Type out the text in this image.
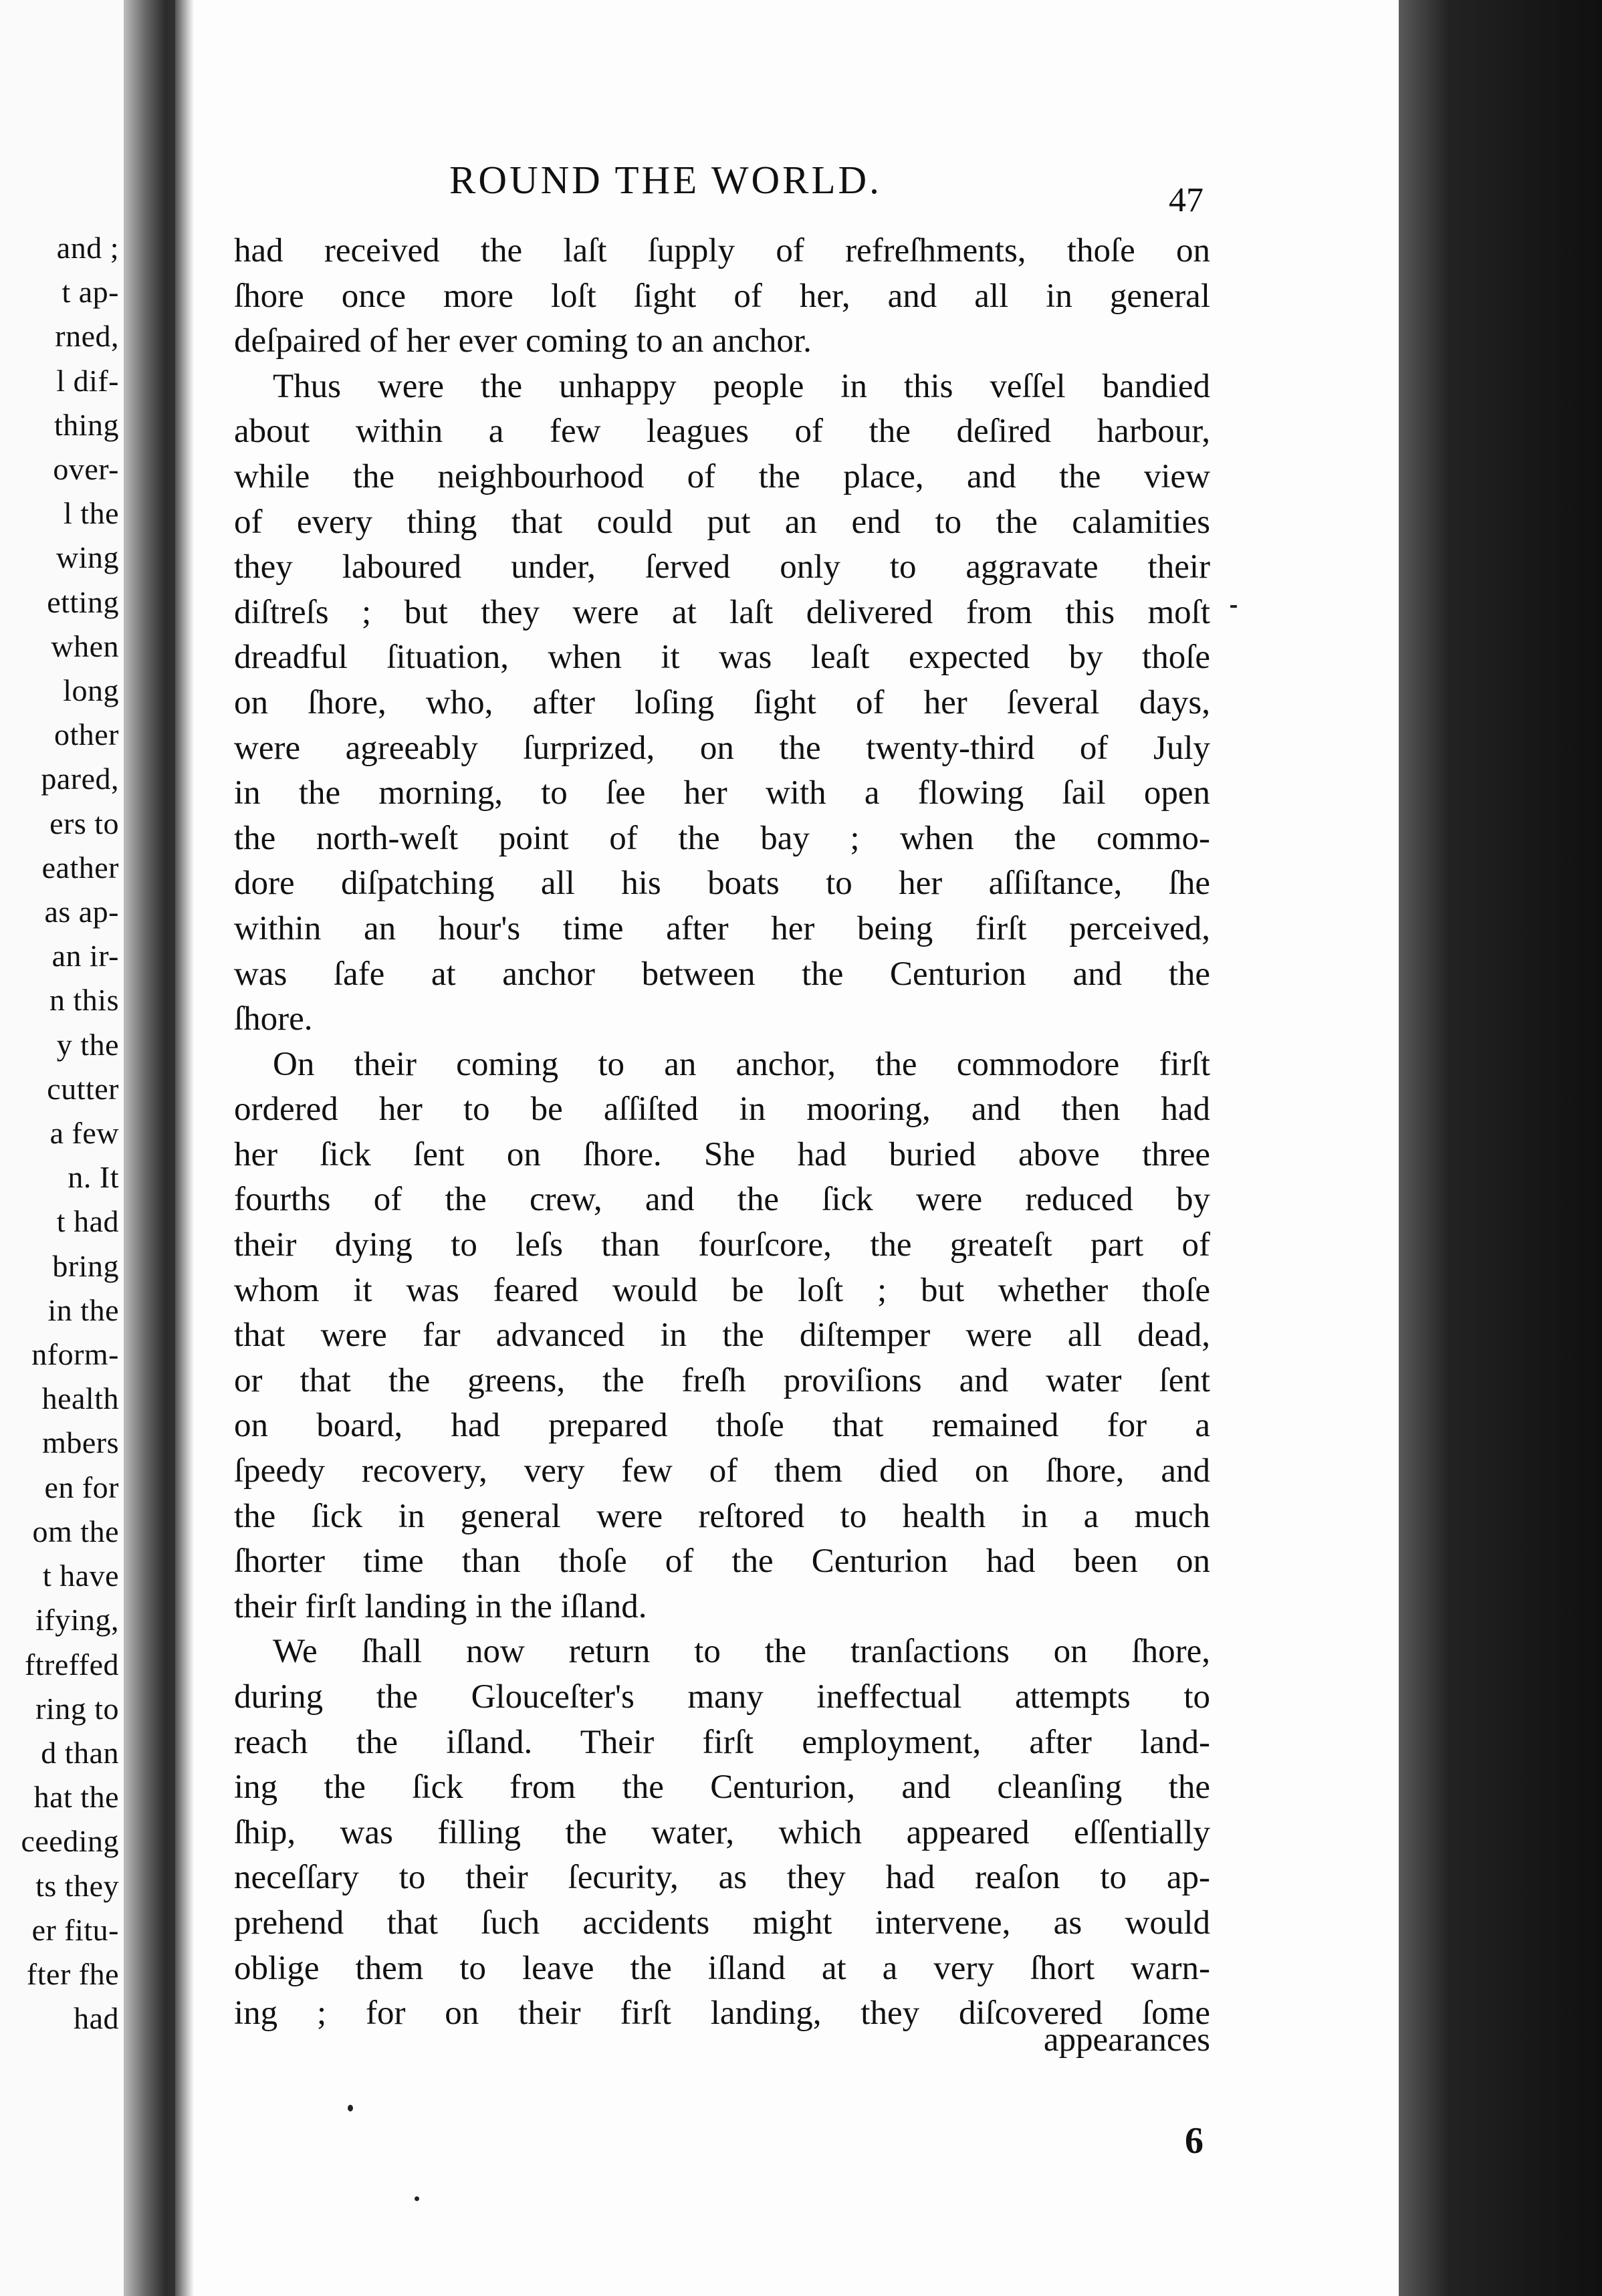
and ;
t ap-
rned,
l dif-
thing
over-
l the
wing
etting
when
long
other
pared,
ers to
eather
as ap-
an ir-
n this
y the
cutter
a few
n. It
t had
bring
in the
nform-
health
mbers
en for
om the
t have
ifying,
ftreffed
ring to
d than
hat the
ceeding
ts they
er fitu-
fter fhe
had
ROUND THE WORLD.	47
had received the laſt ſupply of refreſhments, thoſe on
ſhore once more loſt ſight of her, and all in general
deſpaired of her ever coming to an anchor.
Thus were the unhappy people in this veſſel bandied
about within a few leagues of the deſired harbour,
while the neighbourhood of the place, and the view
of every thing that could put an end to the calamities
they laboured under, ſerved only to aggravate their
diſtreſs ; but they were at laſt delivered from this moſt
dreadful ſituation, when it was leaſt expected by thoſe
on ſhore, who, after loſing ſight of her ſeveral days,
were agreeably ſurprized, on the twenty-third of July
in the morning, to ſee her with a flowing ſail open
the north-weſt point of the bay ; when the commo-
dore diſpatching all his boats to her aſſiſtance, ſhe
within an hour's time after her being firſt perceived,
was ſafe at anchor between the Centurion and the
ſhore.
On their coming to an anchor, the commodore firſt
ordered her to be aſſiſted in mooring, and then had
her ſick ſent on ſhore. She had buried above three
fourths of the crew, and the ſick were reduced by
their dying to leſs than fourſcore, the greateſt part of
whom it was feared would be loſt ; but whether thoſe
that were far advanced in the diſtemper were all dead,
or that the greens, the freſh proviſions and water ſent
on board, had prepared thoſe that remained for a
ſpeedy recovery, very few of them died on ſhore, and
the ſick in general were reſtored to health in a much
ſhorter time than thoſe of the Centurion had been on
their firſt landing in the iſland.
We ſhall now return to the tranſactions on ſhore,
during the Glouceſter's many ineffectual attempts to
reach the iſland. Their firſt employment, after land-
ing the ſick from the Centurion, and cleanſing the
ſhip, was filling the water, which appeared eſſentially
neceſſary to their ſecurity, as they had reaſon to ap-
prehend that ſuch accidents might intervene, as would
oblige them to leave the iſland at a very ſhort warn-
ing ; for on their firſt landing, they diſcovered ſome
appearances
6
